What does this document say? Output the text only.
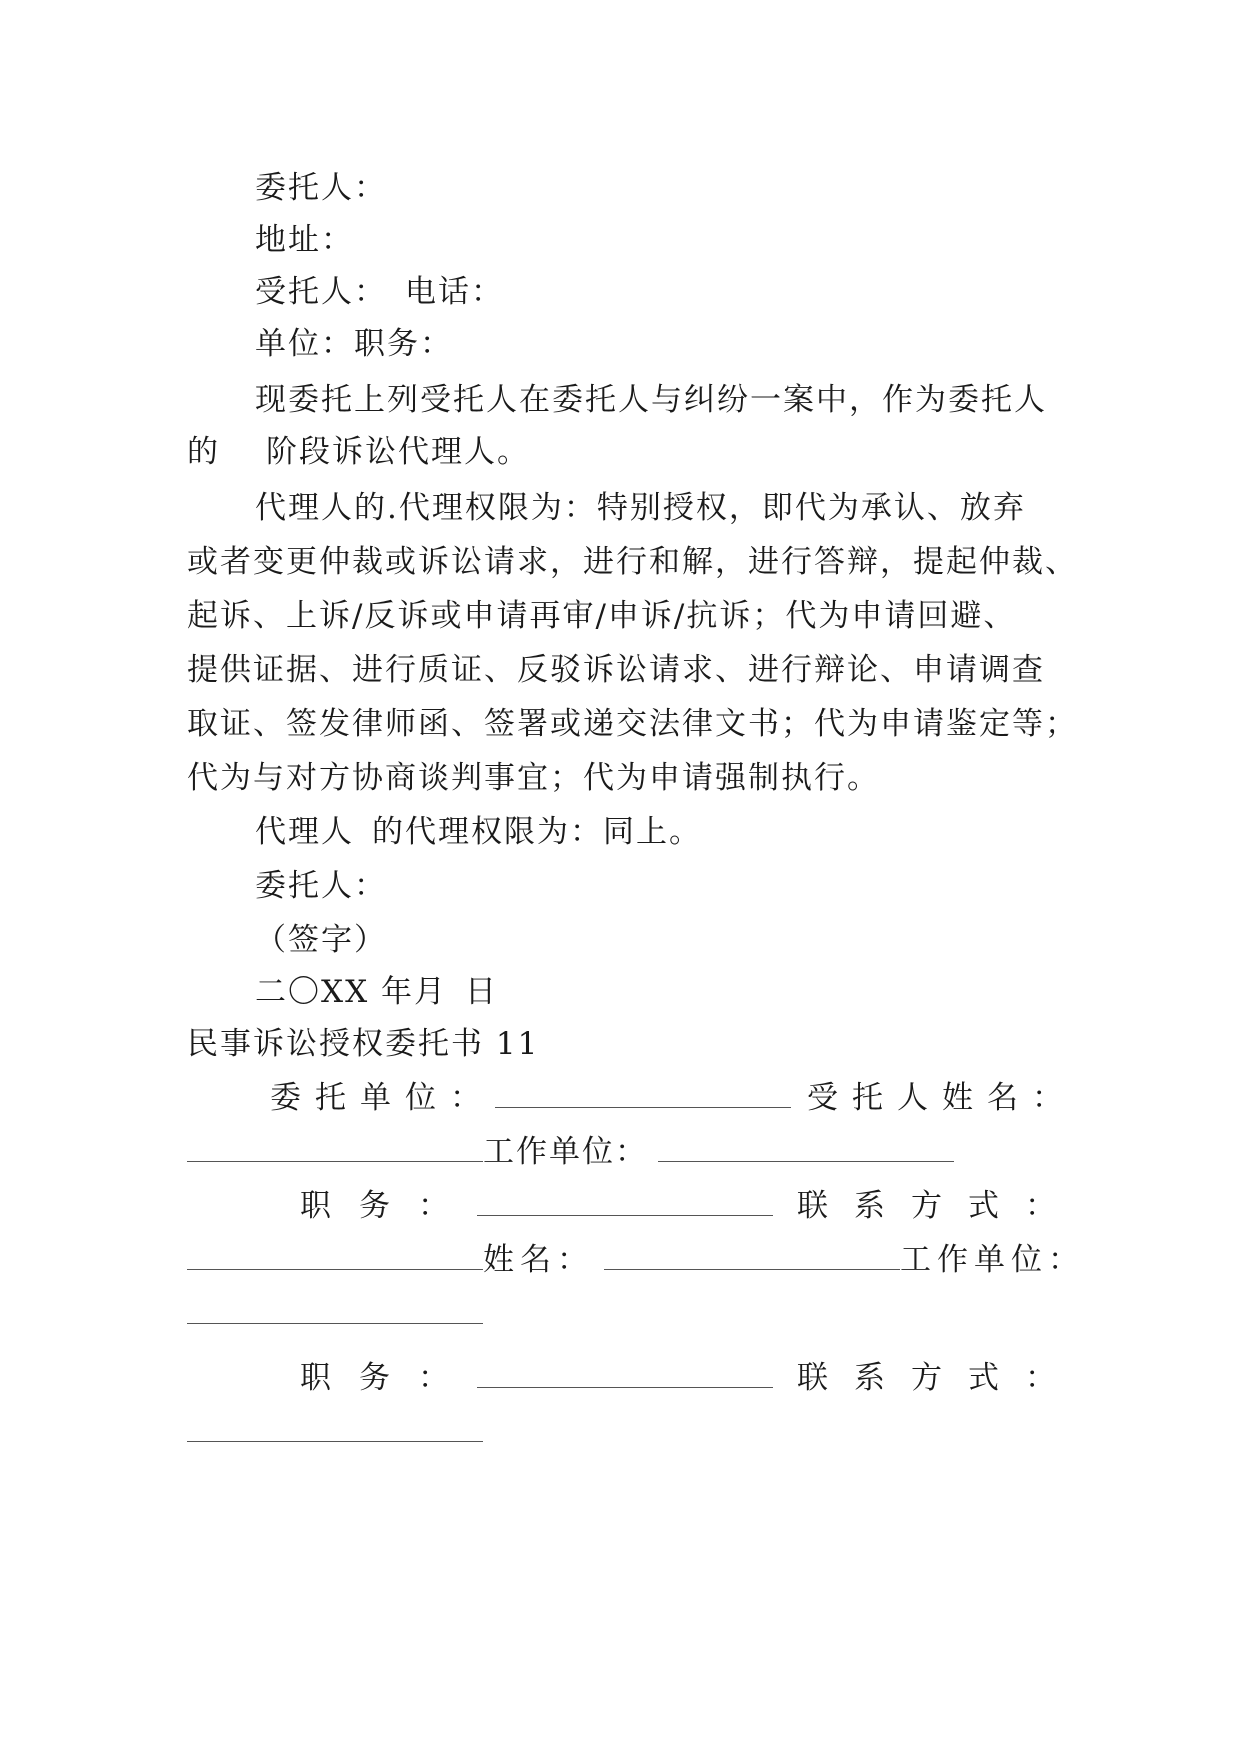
委托人：
地址：
受托人： 电话：
单位：职务：
现委托上列受托人在委托人与纠纷一案中，作为委托人
的 阶段诉讼代理人。
代理人的.代理权限为：特别授权，即代为承认、放弃
或者变更仲裁或诉讼请求，进行和解，进行答辩，提起仲裁、
起诉、上诉/反诉或申请再审/申诉/抗诉；代为申请回避、
提供证据、进行质证、反驳诉讼请求、进行辩论、申请调查
取证、签发律师函、签署或递交法律文书；代为申请鉴定等；
代为与对方协商谈判事宜；代为申请强制执行。
代理人 的代理权限为：同上。
委托人：
（签字）
二〇XX 年月 日
民事诉讼授权委托书 11
委托单位：	受托人姓名：
工作单位：
职务：	联系方式：
姓名：	工作单位：
职务：	联系方式：
